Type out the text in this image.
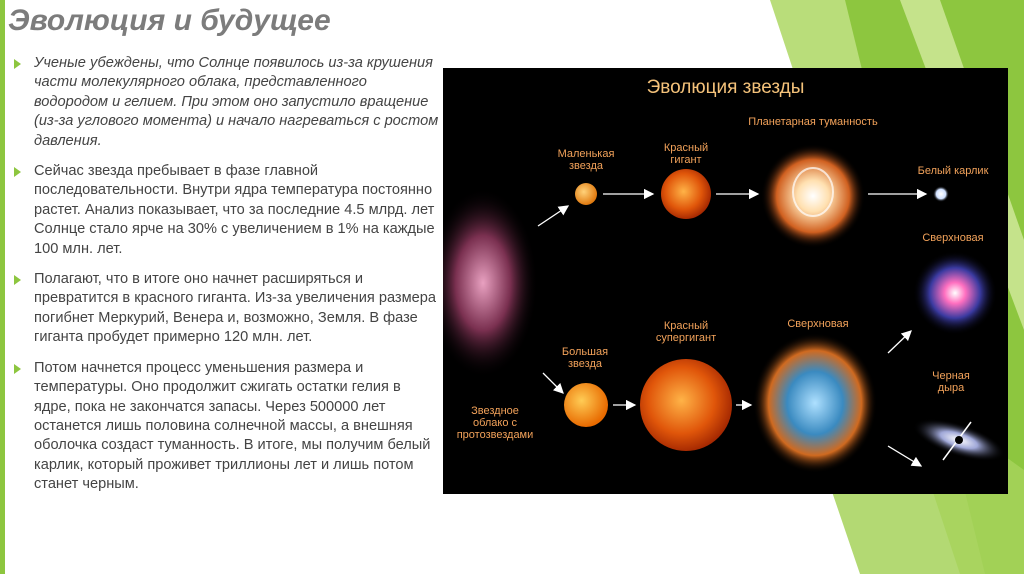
Эволюция и будущее
Ученые убеждены, что Солнце появилось из-за крушения части молекулярного облака, представленного водородом и гелием. При этом оно запустило вращение (из-за углового момента) и начало нагреваться с ростом давления.
Сейчас звезда пребывает в фазе главной последовательности. Внутри ядра температура постоянно растет. Анализ показывает, что за последние 4.5 млрд. лет Солнце стало ярче на 30% с увеличением в 1% на каждые 100 млн. лет.
Полагают, что в итоге оно начнет расширяться и превратится в красного гиганта. Из-за увеличения размера погибнет Меркурий, Венера и, возможно, Земля. В фазе гиганта пробудет примерно 120 млн. лет.
Потом начнется процесс уменьшения размера и температуры. Оно продолжит сжигать остатки гелия в ядре, пока не закончатся запасы. Через 500000 лет останется лишь половина солнечной массы, а внешняя оболочка создаст туманность. В итоге, мы получим белый карлик, который проживет триллионы лет и лишь потом станет черным.
Эволюция звезды
Маленькая
звезда
Красный
гигант
Планетарная туманность
Белый карлик
Сверхновая
Большая
звезда
Красный
супергигант
Сверхновая
Черная
дыра
Звездное
облако с
протозвездами
